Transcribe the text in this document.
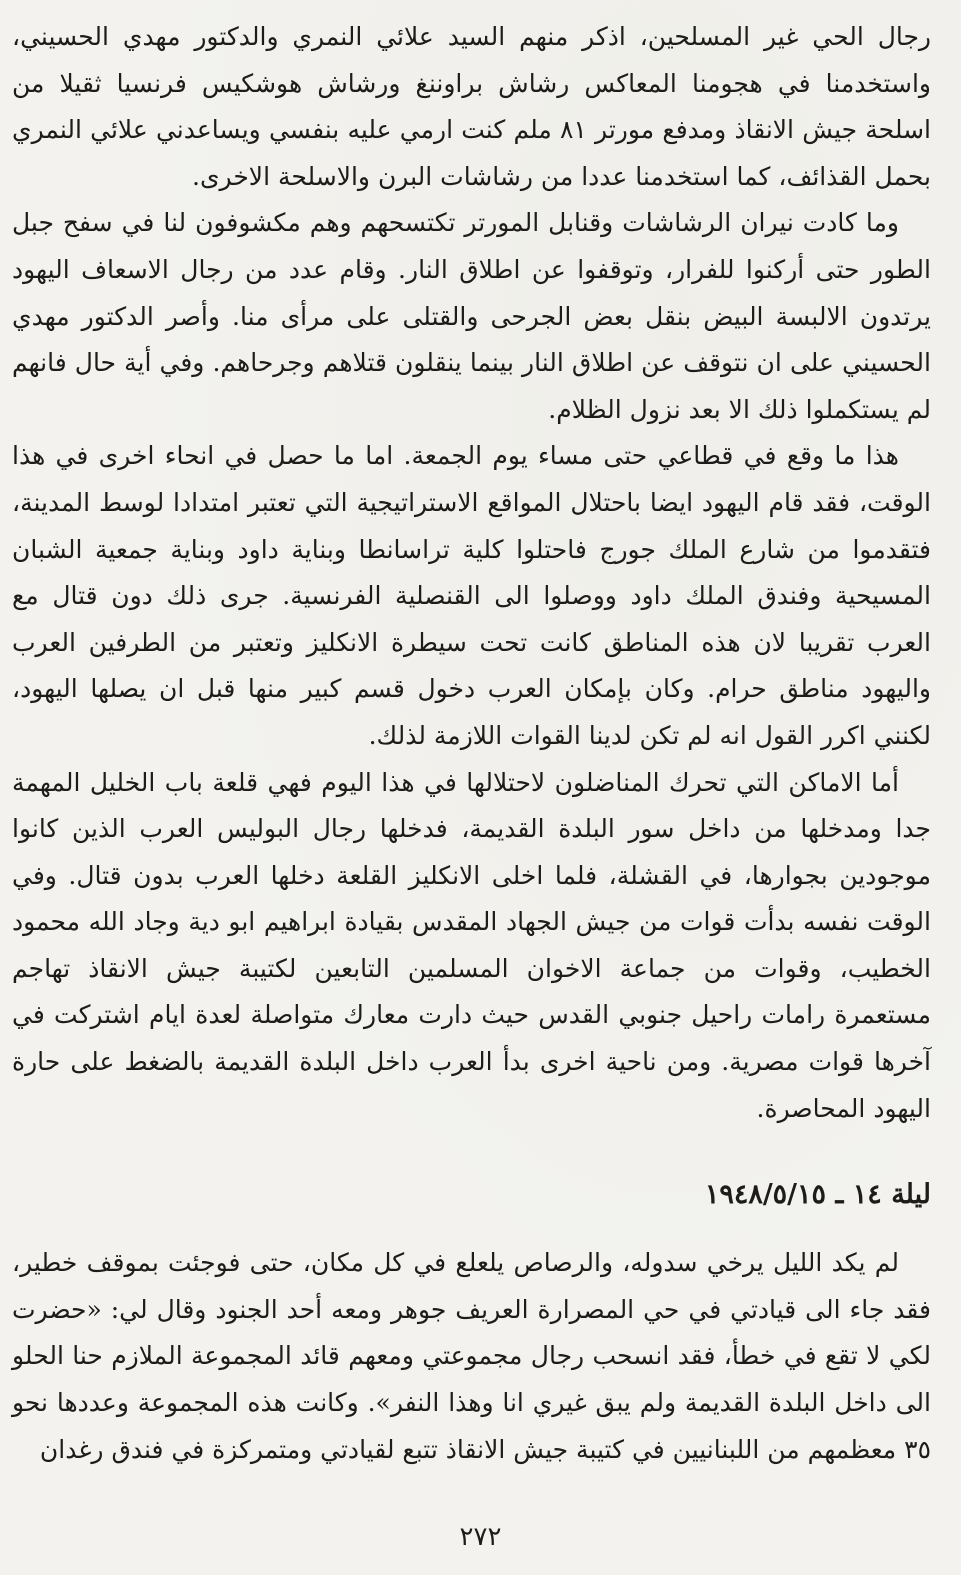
رجال الحي غير المسلحين، اذكر منهم السيد علائي النمري والدكتور مهدي الحسيني، واستخدمنا في هجومنا المعاكس رشاش براوننغ ورشاش هوشكيس فرنسيا ثقيلا من اسلحة جيش الانقاذ ومدفع مورتر ٨١ ملم كنت ارمي عليه بنفسي ويساعدني علائي النمري بحمل القذائف، كما استخدمنا عددا من رشاشات البرن والاسلحة الاخرى.

وما كادت نيران الرشاشات وقنابل المورتر تكتسحهم وهم مكشوفون لنا في سفح جبل الطور حتى أركنوا للفرار، وتوقفوا عن اطلاق النار. وقام عدد من رجال الاسعاف اليهود يرتدون الالبسة البيض بنقل بعض الجرحى والقتلى على مرأى منا. وأصر الدكتور مهدي الحسيني على ان نتوقف عن اطلاق النار بينما ينقلون قتلاهم وجرحاهم. وفي أية حال فانهم لم يستكملوا ذلك الا بعد نزول الظلام.

هذا ما وقع في قطاعي حتى مساء يوم الجمعة. اما ما حصل في انحاء اخرى في هذا الوقت، فقد قام اليهود ايضا باحتلال المواقع الاستراتيجية التي تعتبر امتدادا لوسط المدينة، فتقدموا من شارع الملك جورج فاحتلوا كلية تراسانطا وبناية داود وبناية جمعية الشبان المسيحية وفندق الملك داود ووصلوا الى القنصلية الفرنسية. جرى ذلك دون قتال مع العرب تقريبا لان هذه المناطق كانت تحت سيطرة الانكليز وتعتبر من الطرفين العرب واليهود مناطق حرام. وكان بإمكان العرب دخول قسم كبير منها قبل ان يصلها اليهود، لكنني اكرر القول انه لم تكن لدينا القوات اللازمة لذلك.

أما الاماكن التي تحرك المناضلون لاحتلالها في هذا اليوم فهي قلعة باب الخليل المهمة جدا ومدخلها من داخل سور البلدة القديمة، فدخلها رجال البوليس العرب الذين كانوا موجودين بجوارها، في القشلة، فلما اخلى الانكليز القلعة دخلها العرب بدون قتال. وفي الوقت نفسه بدأت قوات من جيش الجهاد المقدس بقيادة ابراهيم ابو دية وجاد الله محمود الخطيب، وقوات من جماعة الاخوان المسلمين التابعين لكتيبة جيش الانقاذ تهاجم مستعمرة رامات راحيل جنوبي القدس حيث دارت معارك متواصلة لعدة ايام اشتركت في آخرها قوات مصرية. ومن ناحية اخرى بدأ العرب داخل البلدة القديمة بالضغط على حارة اليهود المحاصرة.

ليلة ١٤ ـ ١٩٤٨/٥/١٥

لم يكد الليل يرخي سدوله، والرصاص يلعلع في كل مكان، حتى فوجئت بموقف خطير، فقد جاء الى قيادتي في حي المصرارة العريف جوهر ومعه أحد الجنود وقال لي: «حضرت لكي لا تقع في خطأ، فقد انسحب رجال مجموعتي ومعهم قائد المجموعة الملازم حنا الحلو الى داخل البلدة القديمة ولم يبق غيري انا وهذا النفر». وكانت هذه المجموعة وعددها نحو ٣٥ معظمهم من اللبنانيين في كتيبة جيش الانقاذ تتبع لقيادتي ومتمركزة في فندق رغدان

٢٧٢
